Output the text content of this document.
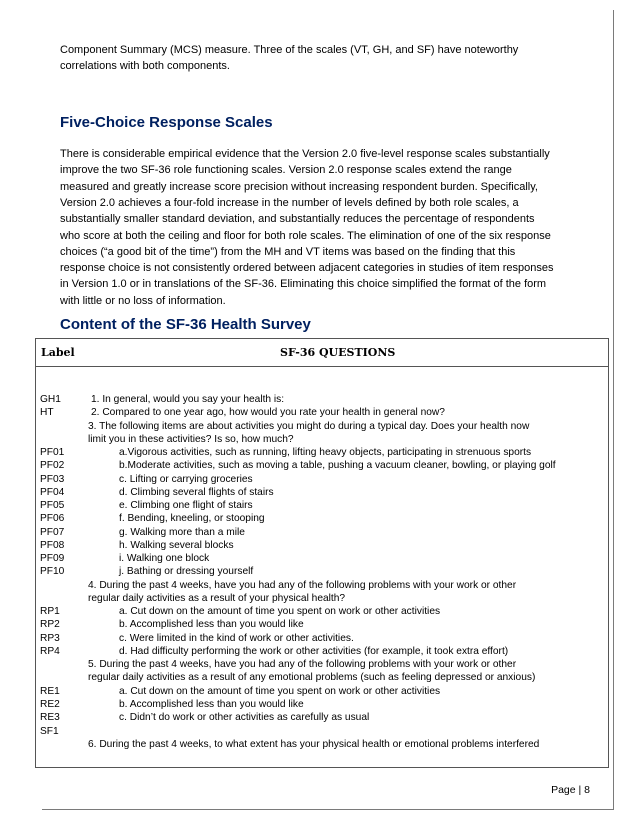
Component Summary (MCS) measure. Three of the scales (VT, GH, and SF) have noteworthy

correlations with both components.

Five-Choice Response Scales

There is considerable empirical evidence that the Version 2.0 five-level response scales substantially

improve the two SF-36 role functioning scales. Version 2.0 response scales extend the range

measured and greatly increase score precision without increasing respondent burden. Specifically,

Version 2.0 achieves a four-fold increase in the number of levels defined by both role scales, a

substantially smaller standard deviation, and substantially reduces the percentage of respondents

who score at both the ceiling and floor for both role scales. The elimination of one of the six response

choices (“a good bit of the time”) from the MH and VT items was based on the finding that this

response choice is not consistently ordered between adjacent categories in studies of item responses

in Version 1.0 or in translations of the SF-36. Eliminating this choice simplified the format of the form

with little or no loss of information.

Content of the SF-36 Health Survey
Label	SF-36 QUESTIONS
GH1	1. In general, would you say your health is:
HT	2. Compared to one year ago, how would you rate your health in general now?
3. The following items are about activities you might do during a typical day. Does your health now
limit you in these activities? Is so, how much?
PF01	a.Vigorous activities, such as running, lifting heavy objects, participating in strenuous sports
PF02	b.Moderate activities, such as moving a table, pushing a vacuum cleaner, bowling, or playing golf
PF03	c. Lifting or carrying groceries
PF04	d. Climbing several flights of stairs
PF05	e. Climbing one flight of stairs
PF06	f. Bending, kneeling, or stooping
PF07	g. Walking more than a mile
PF08	h. Walking several blocks
PF09	i. Walking one block
PF10	j. Bathing or dressing yourself
4. During the past 4 weeks, have you had any of the following problems with your work or other
regular daily activities as a result of your physical health?
RP1	a. Cut down on the amount of time you spent on work or other activities
RP2	b. Accomplished less than you would like
RP3	c. Were limited in the kind of work or other activities.
RP4	d. Had difficulty performing the work or other activities (for example, it took extra effort)
5. During the past 4 weeks, have you had any of the following problems with your work or other
regular daily activities as a result of any emotional problems (such as feeling depressed or anxious)
RE1	a. Cut down on the amount of time you spent on work or other activities
RE2	b. Accomplished less than you would like
RE3	c. Didn’t do work or other activities as carefully as usual
SF1
6. During the past 4 weeks, to what extent has your physical health or emotional problems interfered
Page | 8
